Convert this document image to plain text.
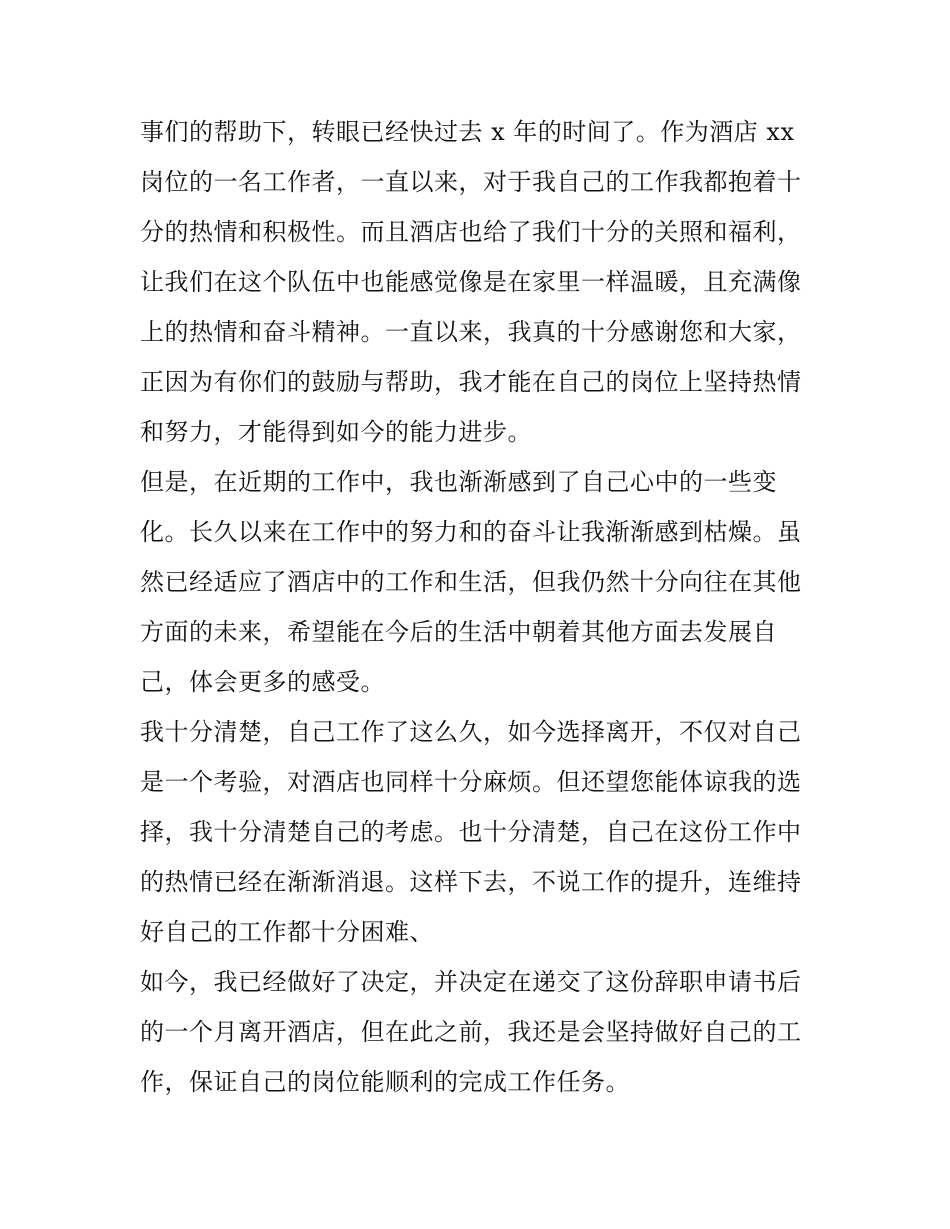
事们的帮助下，转眼已经快过去 x 年的时间了。作为酒店 xx
岗位的一名工作者，一直以来，对于我自己的工作我都抱着十
分的热情和积极性。而且酒店也给了我们十分的关照和福利，
让我们在这个队伍中也能感觉像是在家里一样温暖，且充满像
上的热情和奋斗精神。一直以来，我真的十分感谢您和大家，
正因为有你们的鼓励与帮助，我才能在自己的岗位上坚持热情
和努力，才能得到如今的能力进步。
但是，在近期的工作中，我也渐渐感到了自己心中的一些变
化。长久以来在工作中的努力和的奋斗让我渐渐感到枯燥。虽
然已经适应了酒店中的工作和生活，但我仍然十分向往在其他
方面的未来，希望能在今后的生活中朝着其他方面去发展自
己，体会更多的感受。
我十分清楚，自己工作了这么久，如今选择离开，不仅对自己
是一个考验，对酒店也同样十分麻烦。但还望您能体谅我的选
择，我十分清楚自己的考虑。也十分清楚，自己在这份工作中
的热情已经在渐渐消退。这样下去，不说工作的提升，连维持
好自己的工作都十分困难、
如今，我已经做好了决定，并决定在递交了这份辞职申请书后
的一个月离开酒店，但在此之前，我还是会坚持做好自己的工
作，保证自己的岗位能顺利的完成工作任务。
